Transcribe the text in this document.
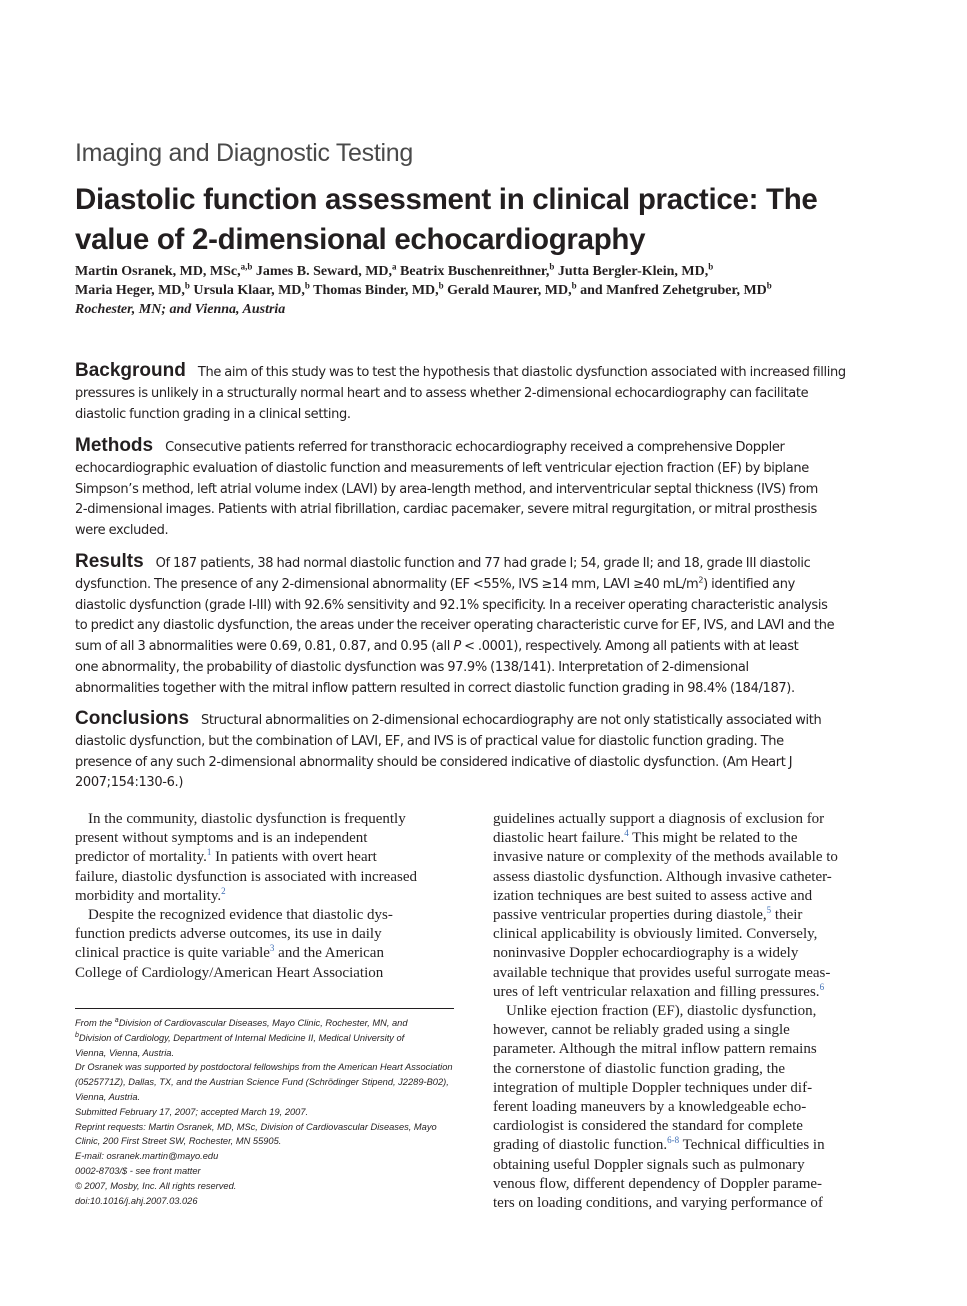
Imaging and Diagnostic Testing
Diastolic function assessment in clinical practice: The
value of 2-dimensional echocardiography
Martin Osranek, MD, MSc,$^{a,b}$ James B. Seward, MD,$^a$ Beatrix Buschenreithner,$^b$ Jutta Bergler-Klein, MD,$^b$
Maria Heger, MD,$^b$ Ursula Klaar, MD,$^b$ Thomas Binder, MD,$^b$ Gerald Maurer, MD,$^b$ and Manfred Zehetgruber, $MD^b$
Rochester, MN; and Vienna, Austria
Background The aim of this study was to test the hypothesis that diastolic dysfunction associated with increased filling
pressures is unlikely in a structurally normal heart and to assess whether 2-dimensional echocardiography can facilitate
diastolic function grading in a clinical setting.
Methods Consecutive patients referred for transthoracic echocardiography received a comprehensive Doppler
echocardiographic evaluation of diastolic function and measurements of left ventricular ejection fraction (EF) by biplane
Simpson’s method, left atrial volume index (LAVI) by area-length method, and interventricular septal thickness (IVS) from
2-dimensional images. Patients with atrial fibrillation, cardiac pacemaker, severe mitral regurgitation, or mitral prosthesis
were excluded.
Results Of 187 patients, 38 had normal diastolic function and 77 had grade I; 54, grade II; and 18, grade III diastolic
dysfunction. The presence of any 2-dimensional abnormality (EF <55%, IVS ≥14 mm, LAVI ≥40 $mL/m^2$) identified any
diastolic dysfunction (grade I-III) with 92.6% sensitivity and 92.1% specificity. In a receiver operating characteristic analysis
to predict any diastolic dysfunction, the areas under the receiver operating characteristic curve for EF, IVS, and LAVI and the
sum of all 3 abnormalities were 0.69, 0.81, 0.87, and 0.95 (all P < .0001), respectively. Among all patients with at least
one abnormality, the probability of diastolic dysfunction was 97.9% (138/141). Interpretation of 2-dimensional
abnormalities together with the mitral inflow pattern resulted in correct diastolic function grading in 98.4% (184/187).
Conclusions Structural abnormalities on 2-dimensional echocardiography are not only statistically associated with
diastolic dysfunction, but the combination of LAVI, EF, and IVS is of practical value for diastolic function grading. The
presence of any such 2-dimensional abnormality should be considered indicative of diastolic dysfunction. (Am Heart J
2007;154:130-6.)
In the community, diastolic dysfunction is frequently
present without symptoms and is an independent
predictor of mortality.$^1$ In patients with overt heart
failure, diastolic dysfunction is associated with increased
morbidity and mortality.$^2$
Despite the recognized evidence that diastolic dys-
function predicts adverse outcomes, its use in daily
clinical practice is quite variable$^3$ and the American
College of Cardiology/American Heart Association
From the $^a$Division of Cardiovascular Diseases, Mayo Clinic, Rochester, MN, and
$^b$Division of Cardiology, Department of Internal Medicine II, Medical University of
Vienna, Vienna, Austria.
Dr Osranek was supported by postdoctoral fellowships from the American Heart Association
(0525771Z), Dallas, TX, and the Austrian Science Fund (Schrödinger Stipend, J2289-B02),
Vienna, Austria.
Submitted February 17, 2007; accepted March 19, 2007.
Reprint requests: Martin Osranek, MD, MSc, Division of Cardiovascular Diseases, Mayo
Clinic, 200 First Street SW, Rochester, MN 55905.
E-mail: osranek.martin@mayo.edu
0002-8703/$ - see front matter
© 2007, Mosby, Inc. All rights reserved.
doi:10.1016/j.ahj.2007.03.026
guidelines actually support a diagnosis of exclusion for
diastolic heart failure.$^4$ This might be related to the
invasive nature or complexity of the methods available to
assess diastolic dysfunction. Although invasive catheter-
ization techniques are best suited to assess active and
passive ventricular properties during diastole,$^5$ their
clinical applicability is obviously limited. Conversely,
noninvasive Doppler echocardiography is a widely
available technique that provides useful surrogate meas-
ures of left ventricular relaxation and filling pressures.$^6$
Unlike ejection fraction (EF), diastolic dysfunction,
however, cannot be reliably graded using a single
parameter. Although the mitral inflow pattern remains
the cornerstone of diastolic function grading, the
integration of multiple Doppler techniques under dif-
ferent loading maneuvers by a knowledgeable echo-
cardiologist is considered the standard for complete
grading of diastolic function.$^{6-8}$ Technical difficulties in
obtaining useful Doppler signals such as pulmonary
venous flow, different dependency of Doppler parame-
ters on loading conditions, and varying performance of
